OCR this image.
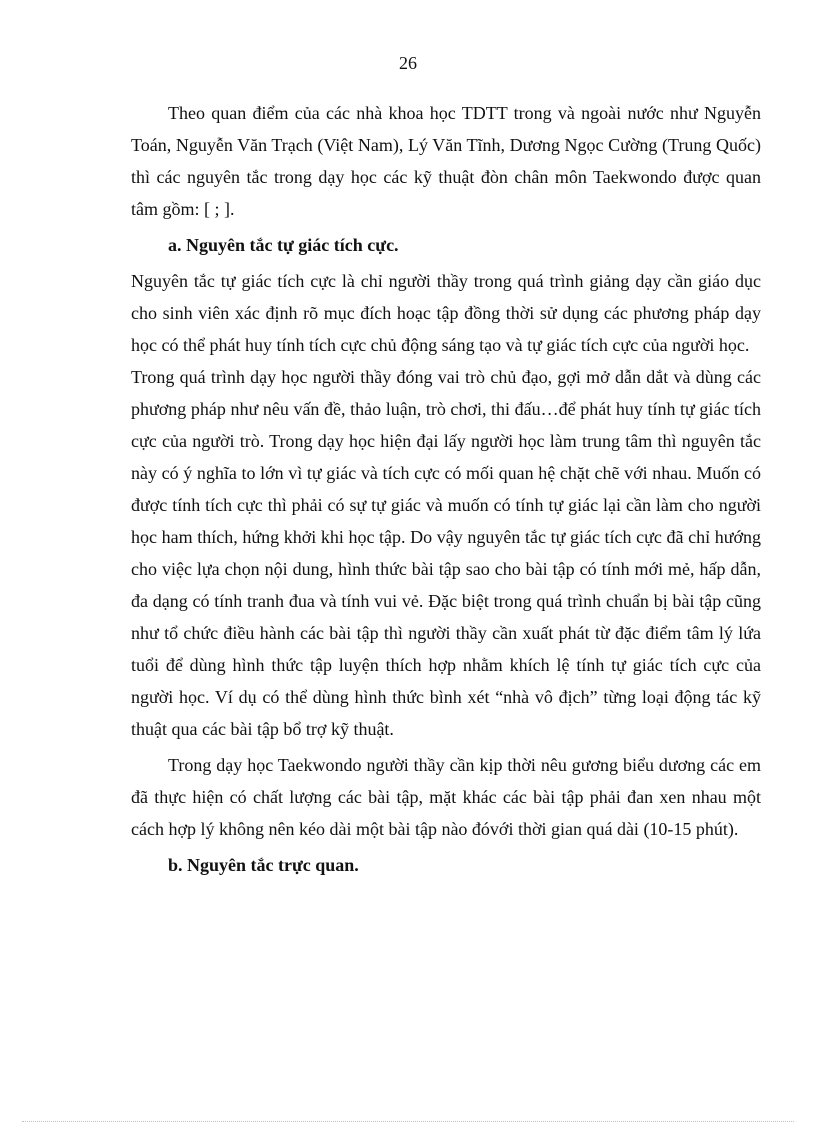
26

Theo quan điểm của các nhà khoa học TDTT trong và ngoài nước như Nguyễn Toán, Nguyễn Văn Trạch (Việt Nam), Lý Văn Tĩnh, Dương Ngọc Cường (Trung Quốc) thì các nguyên tắc trong dạy học các kỹ thuật đòn chân môn Taekwondo được quan tâm gồm: [ ; ].

a. Nguyên tắc tự giác tích cực.

Nguyên tắc tự giác tích cực là chỉ người thầy trong quá trình giảng dạy cần giáo dục cho sinh viên xác định rõ mục đích hoạc tập đồng thời sử dụng các phương pháp dạy học có thể phát huy tính tích cực chủ động sáng tạo và tự giác tích cực của người học.

Trong quá trình dạy học người thầy đóng vai trò chủ đạo, gợi mở dẫn dắt và dùng các phương pháp như nêu vấn đề, thảo luận, trò chơi, thi đấu…để phát huy tính tự giác tích cực của người trò. Trong dạy học hiện đại lấy người học làm trung tâm thì nguyên tắc này có ý nghĩa to lớn vì tự giác và tích cực có mối quan hệ chặt chẽ với nhau. Muốn có được tính tích cực thì phải có sự tự giác và muốn có tính tự giác lại cần làm cho người học ham thích, hứng khởi khi học tập. Do vậy nguyên tắc tự giác tích cực đã chỉ hướng cho việc lựa chọn nội dung, hình thức bài tập sao cho bài tập có tính mới mẻ, hấp dẫn, đa dạng có tính tranh đua và tính vui vẻ. Đặc biệt trong quá trình chuẩn bị bài tập cũng như tổ chức điều hành các bài tập thì người thầy cần xuất phát từ đặc điểm tâm lý lứa tuổi để dùng hình thức tập luyện thích hợp nhằm khích lệ tính tự giác tích cực của người học. Ví dụ có thể dùng hình thức bình xét “nhà vô địch” từng loại động tác kỹ thuật qua các bài tập bổ trợ kỹ thuật.

Trong dạy học Taekwondo người thầy cần kịp thời nêu gương biểu dương các em đã thực hiện có chất lượng các bài tập, mặt khác các bài tập phải đan xen nhau một cách hợp lý không nên kéo dài một bài tập nào đóvới thời gian quá dài (10-15 phút).

b. Nguyên tắc trực quan.
